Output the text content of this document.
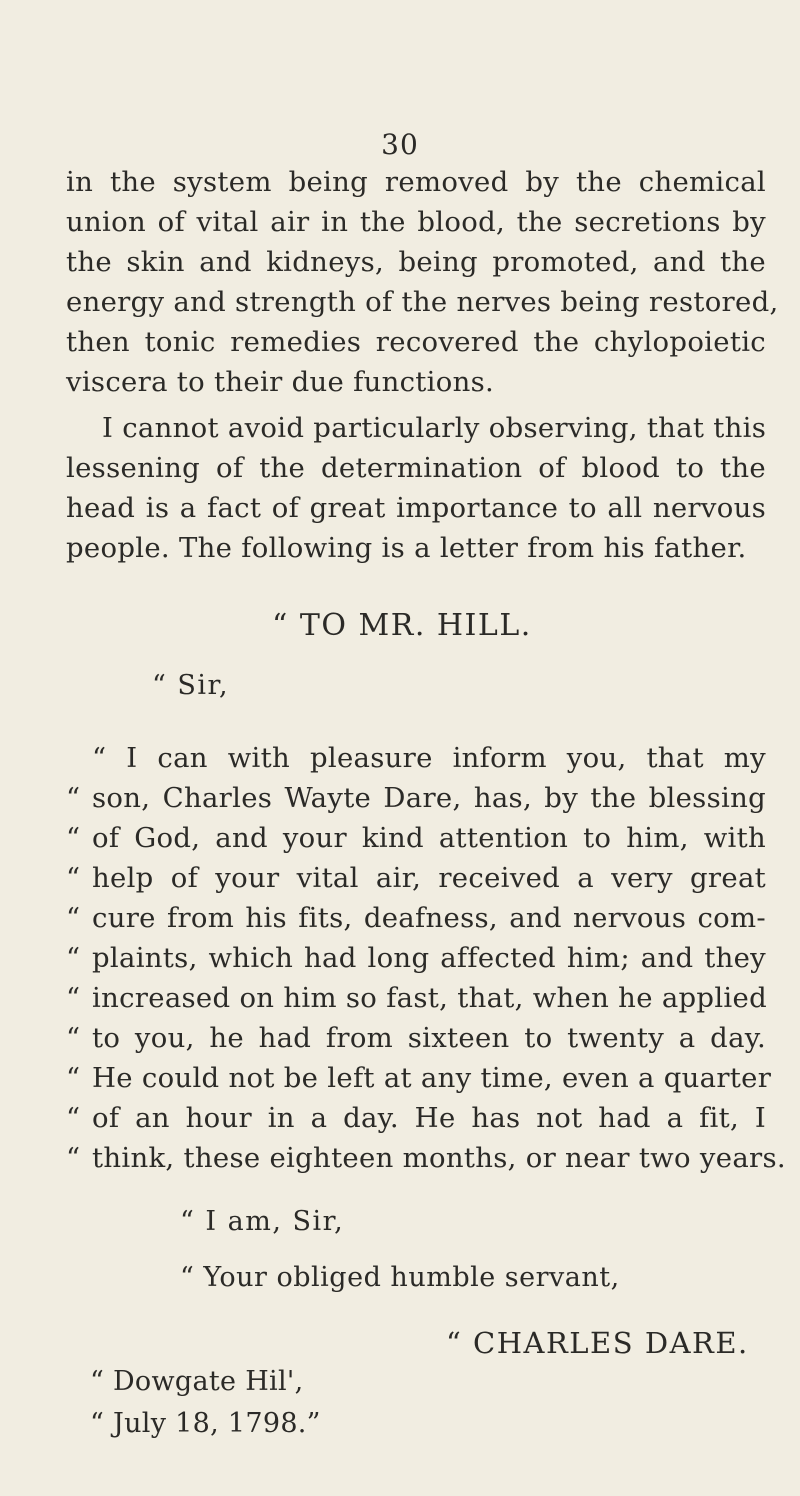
30
in the system being removed by the chemical
union of vital air in the blood, the secretions by
the skin and kidneys, being promoted, and the
energy and strength of the nerves being restored,
then tonic remedies recovered the chylopoietic
viscera to their due functions.
I cannot avoid particularly observing, that this
lessening of the determination of blood to the
head is a fact of great importance to all nervous
people. The following is a letter from his father.
“ TO MR. HILL.
“ Sir,
“ I can with pleasure inform you, that my
“ son, Charles Wayte Dare, has, by the blessing
“ of God, and your kind attention to him, with
“ help of your vital air, received a very great
“ cure from his fits, deafness, and nervous com-
“ plaints, which had long affected him; and they
“ increased on him so fast, that, when he applied
“ to you, he had from sixteen to twenty a day.
“ He could not be left at any time, even a quarter
“ of an hour in a day. He has not had a fit, I
“ think, these eighteen months, or near two years.
“ I am, Sir,
“ Your obliged humble servant,
“ CHARLES DARE.
“ Dowgate Hil',
“ July 18, 1798.”
